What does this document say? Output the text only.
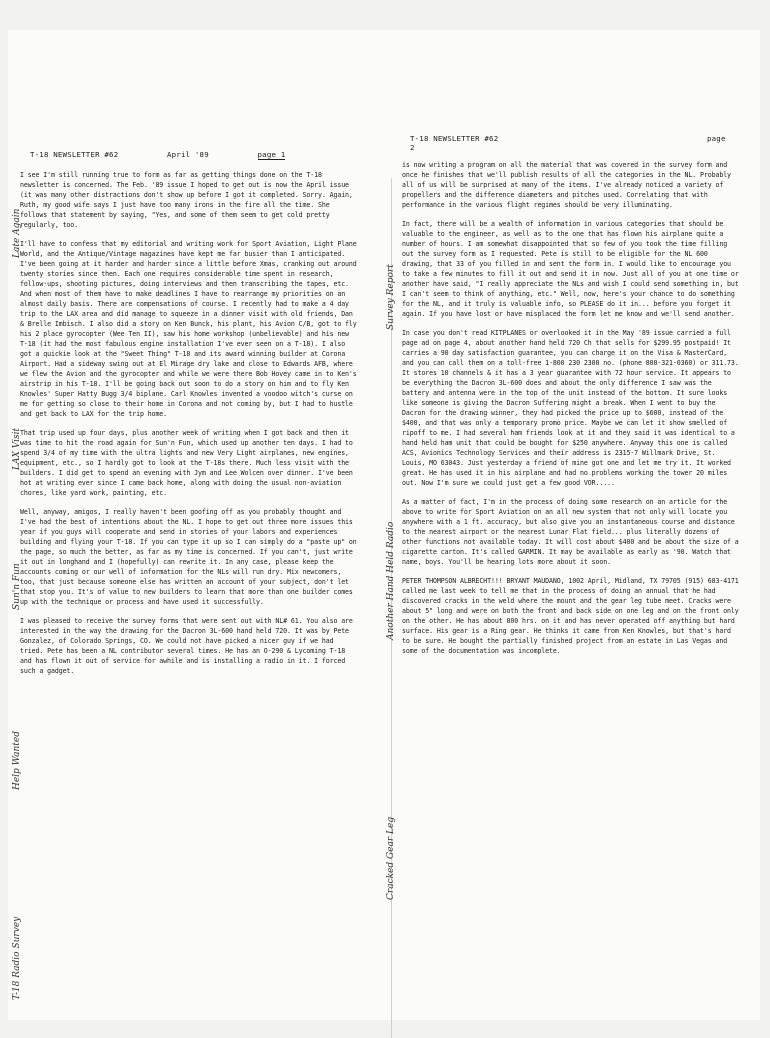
T-18 NEWSLETTER #62	April '89	page 1
T-18 NEWSLETTER #62	page 2

I see I'm still running true to form as far as getting things done on the T-18 newsletter is concerned. The Feb. '89 issue I hoped to get out is now the April issue (it was many other distractions don't show up before I got it completed. Sorry. Again, Ruth, my good wife says I just have too many irons in the fire all the time. She follows that statement by saying, "Yes, and some of them seem to get cold pretty regularly, too.

I'll have to confess that my editorial and writing work for Sport Aviation, Light Plane World, and the Antique/Vintage magazines have kept me far busier than I anticipated. I've been going at it harder and harder since a little before Xmas, cranking out around twenty stories since then. Each one requires considerable time spent in research, follow-ups, shooting pictures, doing interviews and then transcribing the tapes, etc. And when most of them have to make deadlines I have to rearrange my priorities on an almost daily basis. There are compensations of course. I recently had to make a 4 day trip to the LAX area and did manage to squeeze in a dinner visit with old friends, Dan & Brelle Imbisch. I also did a story on Ken Bunck, his plant, his Avion C/B, got to fly his 2 place gyrocopter (Wee Ten II), saw his home workshop (unbelievable) and his new T-18 (it had the most fabulous engine installation I've ever seen on a T-18). I also got a quickie look at the "Sweet Thing" T-18 and its award winning builder at Corona Airport. Had a sideway swing out at El Mirage dry lake and close to Edwards AFB, where we flew the Avion and the gyrocopter and while we were there Bob Hovey came in to Ken's airstrip in his T-18. I'll be going back out soon to do a story on him and to fly Ken Knowles' Super Hatty Bugg 3/4 biplane. Carl Knowles invented a voodoo witch's curse on me for getting so close to their home in Corona and not coming by, but I had to hustle and get back to LAX for the trip home.

That trip used up four days, plus another week of writing when I got back and then it was time to hit the road again for Sun'n Fun, which used up another ten days. I had to spend 3/4 of my time with the ultra lights and new Very Light airplanes, new engines, equipment, etc., so I hardly got to look at the T-18s there. Much less visit with the builders. I did get to spend an evening with Jym and Lee Wolcen over dinner. I've been hot at writing ever since I came back home, along with doing the usual non-aviation chores, like yard work, painting, etc.

Well, anyway, amigos, I really haven't been goofing off as you probably thought and I've had the best of intentions about the NL. I hope to get out three more issues this year if you guys will cooperate and send in stories of your labors and experiences building and flying your T-18. If you can type it up so I can simply do a "paste up" on the page, so much the better, as far as my time is concerned. If you can't, just write it out in longhand and I (hopefully) can rewrite it. In any case, please keep the accounts coming or our well of information for the NLs will run dry. Mix newcomers, too, that just because someone else has written an account of your subject, don't let that stop you. It's of value to new builders to learn that more than one builder comes up with the technique or process and have used it successfully.

I was pleased to receive the survey forms that were sent out with NL# 61. You also are interested in the way the drawing for the Dacron 3L-600 hand held 720. It was by Pete Gonzalez, of Colorado Springs, CO. We could not have picked a nicer guy if we had tried. Pete has been a NL contributor several times. He has an O-290 & Lycoming T-18 and has flown it out of service for awhile and is installing a radio in it. I forced such a gadget.

is now writing a program on all the material that was covered in the survey form and once he finishes that we'll publish results of all the categories in the NL. Probably all of us will be surprised at many of the items. I've already noticed a variety of propellers and the difference diameters and pitches used. Correlating that with performance in the various flight regimes should be very illuminating.

In fact, there will be a wealth of information in various categories that should be valuable to the engineer, as well as to the one that has flown his airplane quite a number of hours. I am somewhat disappointed that so few of you took the time filling out the survey form as I requested. Pete is still to be eligible for the NL 600 drawing, that 33 of you filled in and sent the form in. I would like to encourage you to take a few minutes to fill it out and send it in now. Just all of you at one time or another have said, "I really appreciate the NLs and wish I could send something in, but I can't seem to think of anything, etc." Well, now, here's your chance to do something for the NL, and it truly is valuable info, so PLEASE do it in... before you forget it again. If you have lost or have misplaced the form let me know and we'll send another.

In case you don't read KITPLANES or overlooked it in the May '89 issue carried a full page ad on page 4, about another hand held 720 Ch that sells for $299.95 postpaid! It carries a 90 day satisfaction guarantee, you can charge it on the Visa & MasterCard, and you can call them on a toll-free 1-800 230 2300 no. (phone 800-321-0360) or 311.73. It stores 10 channels & it has a 3 year guarantee with 72 hour service. It appears to be everything the Dacron 3L-600 does and about the only difference I saw was the battery and antenna were in the top of the unit instead of the bottom. It sure looks like someone is giving the Dacron Suffering might a break. When I went to buy the Dacron for the drawing winner, they had picked the price up to $600, instead of the $400, and that was only a temporary promo price. Maybe we can let it show smelled of ripoff to me. I had several ham friends look at it and they said it was identical to a hand held ham unit that could be bought for $250 anywhere. Anyway this one is called ACS, Avionics Technology Services and their address is 2315-7 Willmark Drive, St. Louis, MO 63043. Just yesterday a friend of mine got one and let me try it. It worked great. He has used it in his airplane and had no problems working the tower 20 miles out. Now I'm sure we could just get a few good VOR.....

As a matter of fact, I'm in the process of doing some research on an article for the above to write for Sport Aviation on an all new system that not only will locate you anywhere with a 1 ft. accuracy, but also give you an instantaneous course and distance to the nearest airport or the nearest Lunar Flat field... plus literally dozens of other functions not available today. It will cost about $400 and be about the size of a cigarette carton. It's called GARMIN. It may be available as early as '90. Watch that name, boys. You'll be hearing lots more about it soon.

PETER THOMPSON ALBRECHT!!! BRYANT MAUDANO, 1002 April, Midland, TX 79705 (915) 683-4171 called me last week to tell me that in the process of doing an annual that he had discovered cracks in the weld where the mount and the gear leg tube meet. Cracks were about 5" long and were on both the front and back side on one leg and on the front only on the other. He has about 800 hrs. on it and has never operated off anything but hard surface. His gear is a Ring gear. He thinks it came from Ken Knowles, but that's hard to be sure. He bought the partially finished project from an estate in Las Vegas and some of the documentation was incomplete.

Late Again
LAX Visit
Sun'n Fun
Help Wanted
T-18 Radio Survey
Survey Report
Another Hand Held Radio
Cracked Gear Leg
